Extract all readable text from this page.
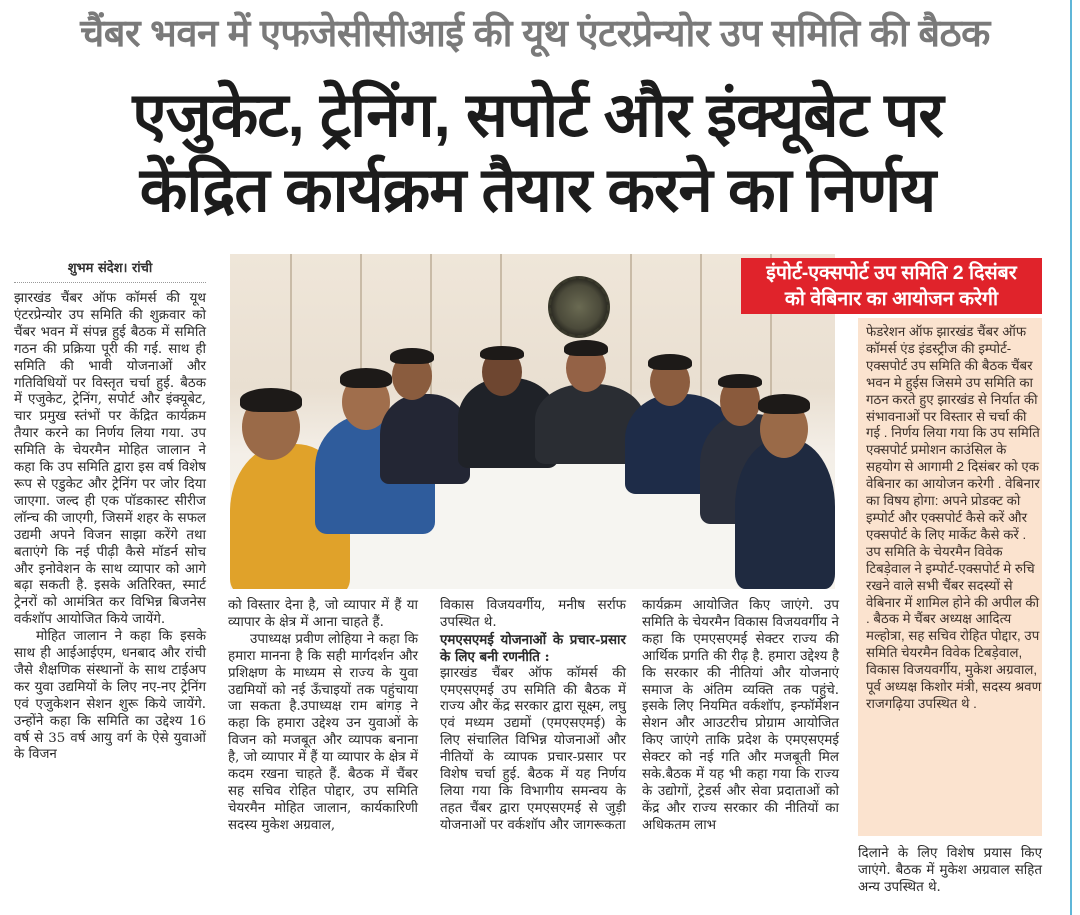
चैंबर भवन में एफजेसीसीआई की यूथ एंटरप्रेन्योर उप समिति की बैठक
एजुकेट, ट्रेनिंग, सपोर्ट और इंक्यूबेट पर
केंद्रित कार्यक्रम तैयार करने का निर्णय
शुभम संदेश। रांची

झारखंड चैंबर ऑफ कॉमर्स की यूथ एंटरप्रेन्योर उप समिति की शुक्रवार को चैंबर भवन में संपन्न हुई बैठक में समिति गठन की प्रक्रिया पूरी की गई. साथ ही समिति की भावी योजनाओं और गतिविधियों पर विस्तृत चर्चा हुई. बैठक में एजुकेट, ट्रेनिंग, सपोर्ट और इंक्यूबेट, चार प्रमुख स्तंभों पर केंद्रित कार्यक्रम तैयार करने का निर्णय लिया गया. उप समिति के चेयरमैन मोहित जालान ने कहा कि उप समिति द्वारा इस वर्ष विशेष रूप से एडुकेट और ट्रेनिंग पर जोर दिया जाएगा. जल्द ही एक पॉडकास्ट सीरीज लॉन्च की जाएगी, जिसमें शहर के सफल उद्यमी अपने विजन साझा करेंगे तथा बताएंगे कि नई पीढ़ी कैसे मॉडर्न सोच और इनोवेशन के साथ व्यापार को आगे बढ़ा सकती है. इसके अतिरिक्त, स्मार्ट ट्रेनरों को आमंत्रित कर विभिन्न बिजनेस वर्कशॉप आयोजित किये जायेंगे.

मोहित जालान ने कहा कि इसके साथ ही आईआईएम, धनबाद और रांची जैसे शैक्षणिक संस्थानों के साथ टाईअप कर युवा उद्यमियों के लिए नए-नए ट्रेनिंग एवं एजुकेशन सेशन शुरू किये जायेंगे. उन्होंने कहा कि समिति का उद्देश्य 16 वर्ष से 35 वर्ष आयु वर्ग के ऐसे युवाओं के विजन

इंपोर्ट-एक्सपोर्ट उप समिति 2 दिसंबर
को वेबिनार का आयोजन करेगी

फेडरेशन ऑफ झारखंड चैंबर ऑफ कॉमर्स एंड इंडस्ट्रीज की इम्पोर्ट-एक्सपोर्ट उप समिति की बैठक चैंबर भवन मे हुईस जिसमे उप समिति का गठन करते हुए झारखंड से निर्यात की संभावनाओं पर विस्तार से चर्चा की गई . निर्णय लिया गया कि उप समिति एक्सपोर्ट प्रमोशन काउंसिल के सहयोग से आगामी 2 दिसंबर को एक वेबिनार का आयोजन करेगी . वेबिनार का विषय होगा: अपने प्रोडक्ट को इम्पोर्ट और एक्सपोर्ट कैसे करें और एक्सपोर्ट के लिए मार्केट कैसे करें . उप समिति के चेयरमैन विवेक टिबड़ेवाल ने इम्पोर्ट-एक्सपोर्ट मे रुचि रखने वाले सभी चैंबर सदस्यों से वेबिनार में शामिल होने की अपील की . बैठक मे चैंबर अध्यक्ष आदित्य मल्होत्रा, सह सचिव रोहित पोद्दार, उप समिति चेयरमैन विवेक टिबड़ेवाल, विकास विजयवर्गीय, मुकेश अग्रवाल, पूर्व अध्यक्ष किशोर मंत्री, सदस्य श्रवण राजगढ़िया उपस्थित थे .

को विस्तार देना है, जो व्यापार में हैं या व्यापार के क्षेत्र में आना चाहते हैं.

उपाध्यक्ष प्रवीण लोहिया ने कहा कि हमारा मानना है कि सही मार्गदर्शन और प्रशिक्षण के माध्यम से राज्य के युवा उद्यमियों को नई ऊँचाइयों तक पहुंचाया जा सकता है.उपाध्यक्ष राम बांगड़ ने कहा कि हमारा उद्देश्य उन युवाओं के विजन को मजबूत और व्यापक बनाना है, जो व्यापार में हैं या व्यापार के क्षेत्र में कदम रखना चाहते हैं. बैठक में चैंबर सह सचिव रोहित पोद्दार, उप समिति चेयरमैन मोहित जालान, कार्यकारिणी सदस्य मुकेश अग्रवाल,

विकास विजयवर्गीय, मनीष सर्राफ उपस्थित थे.

एमएसएमई योजनाओं के प्रचार-प्रसार के लिए बनी रणनीति :

झारखंड चैंबर ऑफ कॉमर्स की एमएसएमई उप समिति की बैठक में राज्य और केंद्र सरकार द्वारा सूक्ष्म, लघु एवं मध्यम उद्यमों (एमएसएमई) के लिए संचालित विभिन्न योजनाओं और नीतियों के व्यापक प्रचार-प्रसार पर विशेष चर्चा हुई. बैठक में यह निर्णय लिया गया कि विभागीय समन्वय के तहत चैंबर द्वारा एमएसएमई से जुड़ी योजनाओं पर वर्कशॉप और जागरूकता

कार्यक्रम आयोजित किए जाएंगे. उप समिति के चेयरमैन विकास विजयवर्गीय ने कहा कि एमएसएमई सेक्टर राज्य की आर्थिक प्रगति की रीढ़ है. हमारा उद्देश्य है कि सरकार की नीतियां और योजनाएं समाज के अंतिम व्यक्ति तक पहुंचे. इसके लिए नियमित वर्कशॉप, इन्फॉर्मेशन सेशन और आउटरीच प्रोग्राम आयोजित किए जाएंगे ताकि प्रदेश के एमएसएमई सेक्टर को नई गति और मजबूती मिल सके.बैठक में यह भी कहा गया कि राज्य के उद्योगों, ट्रेडर्स और सेवा प्रदाताओं को केंद्र और राज्य सरकार की नीतियों का अधिकतम लाभ

दिलाने के लिए विशेष प्रयास किए जाएंगे. बैठक में मुकेश अग्रवाल सहित अन्य उपस्थित थे.
